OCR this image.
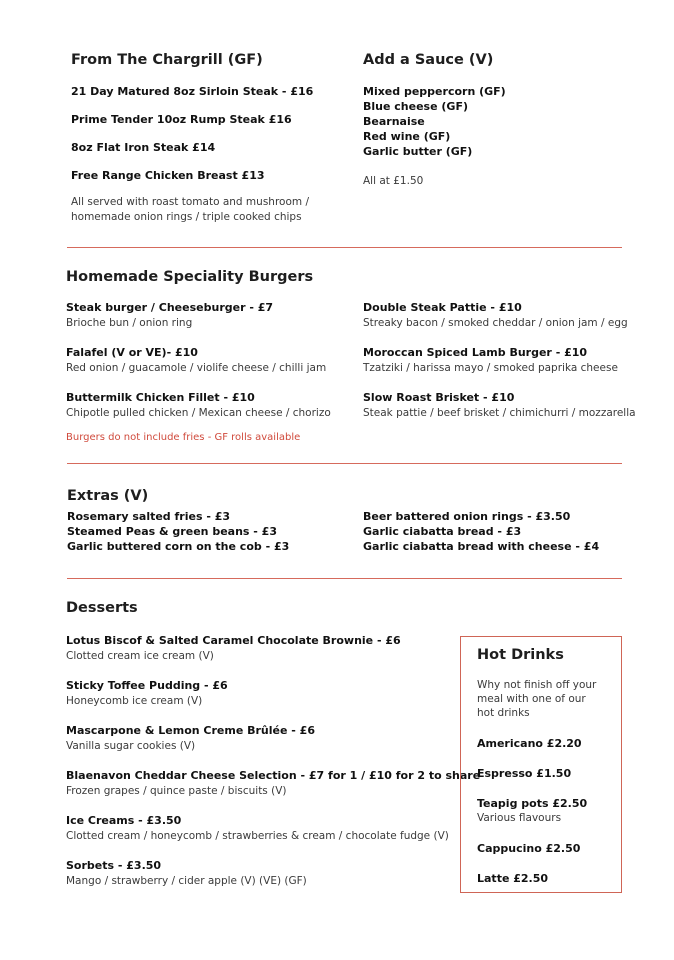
From The Chargrill (GF)
21 Day Matured 8oz Sirloin Steak - £16
Prime Tender 10oz Rump Steak £16
8oz Flat Iron Steak £14
Free Range Chicken Breast £13
All served with roast tomato and mushroom /
homemade onion rings / triple cooked chips
Add a Sauce (V)
Mixed peppercorn (GF)
Blue cheese (GF)
Bearnaise
Red wine (GF)
Garlic butter (GF)
All at £1.50
Homemade Speciality Burgers
Steak burger / Cheeseburger - £7
Brioche bun / onion ring
Falafel (V or VE)- £10
Red onion / guacamole / violife cheese / chilli jam
Buttermilk Chicken Fillet - £10
Chipotle pulled chicken / Mexican cheese / chorizo
Double Steak Pattie - £10
Streaky bacon / smoked cheddar / onion jam / egg
Moroccan Spiced Lamb Burger - £10
Tzatziki / harissa mayo / smoked paprika cheese
Slow Roast Brisket - £10
Steak pattie / beef brisket / chimichurri / mozzarella
Burgers do not include fries - GF rolls available
Extras (V)
Rosemary salted fries - £3
Steamed Peas & green beans - £3
Garlic buttered corn on the cob - £3
Beer battered onion rings - £3.50
Garlic ciabatta bread - £3
Garlic ciabatta bread with cheese - £4
Desserts
Lotus Biscof & Salted Caramel Chocolate Brownie - £6
Clotted cream ice cream (V)
Sticky Toffee Pudding - £6
Honeycomb ice cream (V)
Mascarpone & Lemon Creme Brûlée - £6
Vanilla sugar cookies (V)
Blaenavon Cheddar Cheese Selection - £7 for 1 / £10 for 2 to share
Frozen grapes / quince paste / biscuits (V)
Ice Creams - £3.50
Clotted cream / honeycomb / strawberries & cream / chocolate fudge (V)
Sorbets - £3.50
Mango / strawberry / cider apple (V) (VE) (GF)
Hot Drinks
Why not finish off your
meal with one of our
hot drinks
Americano £2.20
Espresso £1.50
Teapig pots £2.50
Various flavours
Cappucino £2.50
Latte £2.50
